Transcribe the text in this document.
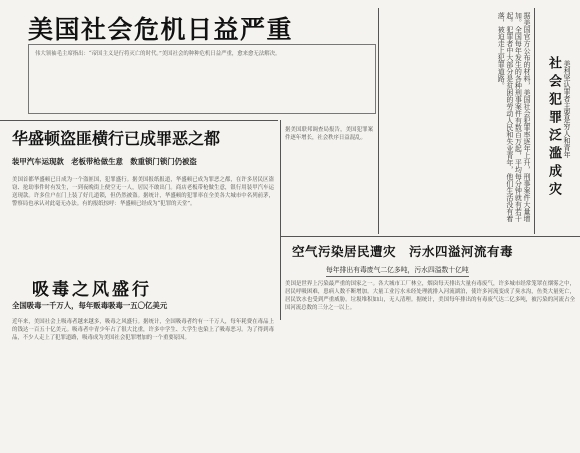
美国社会危机日益严重
伟大领袖毛主席指出：“帝国主义是行将灭亡的时代。”美国社会的种种危机日益严重，愈来愈无法解决。
华盛顿盗匪横行已成罪恶之都
装甲汽车运现款　老板带枪做生意　数重锁门锁门仍被盗
美国首都华盛顿已日成为一个盗匪国，犯罪盛行。据美国报纸报道，华盛顿已成为罪恶之都，在许多居民区盗窃、抢劫事件时有发生，一到夜晚街上便空无一人，居民不敢出门。商店老板带枪做生意，银行用装甲汽车运送现款。许多住户在门上装了好几道锁，但仍然被盗。据统计，华盛顿的犯罪率在全美各大城市中名列前茅，警察局也承认对此毫无办法。有的报纸惊呼：华盛顿已经成为“犯罪的天堂”。
吸毒之风盛行
全国吸毒一千万人，每年贩毒吸毒一五〇亿美元
近年来，美国社会上吸毒者越来越多，吸毒之风盛行。据统计，全国吸毒者约有一千万人，每年耗费在毒品上的钱达一百五十亿美元。吸毒者中青少年占了很大比重，许多中学生、大学生也染上了吸毒恶习。为了得到毒品，不少人走上了犯罪道路，吸毒成为美国社会犯罪增加的一个重要原因。
据美国联邦调查局报告，美国犯罪案件逐年增长，社会秩序日益混乱。
空气污染居民遭灾　污水四溢河流有毒
每年排出有毒废气二亿多吨，污水四溢数十亿吨
美国是世界上污染最严重的国家之一。各大城市工厂林立，烟囱每天排出大量有毒废气，许多城市经常笼罩在烟雾之中，居民呼吸困难，患病人数不断增加。大量工业污水未经处理就排入河流湖泊，使许多河流变成了臭水沟，鱼类大量死亡，居民饮水也受到严重威胁。垃圾堆积如山，无人清理。据统计，美国每年排出的有毒废气达二亿多吨，被污染的河流占全国河流总数的三分之一以上。
据美国官方公布的材料，美国社会犯罪率逐年上升，刑事案件大量增加。全国每年发生的各种刑事案件有数百万起，平均每分钟就有若干起。犯罪者中大部分是贫困的劳动人民和失业青年，他们生活没有着落，被迫走上犯罪道路。
社会犯罪泛滥成灾 美利坚认罪者主要是穷人和青年
